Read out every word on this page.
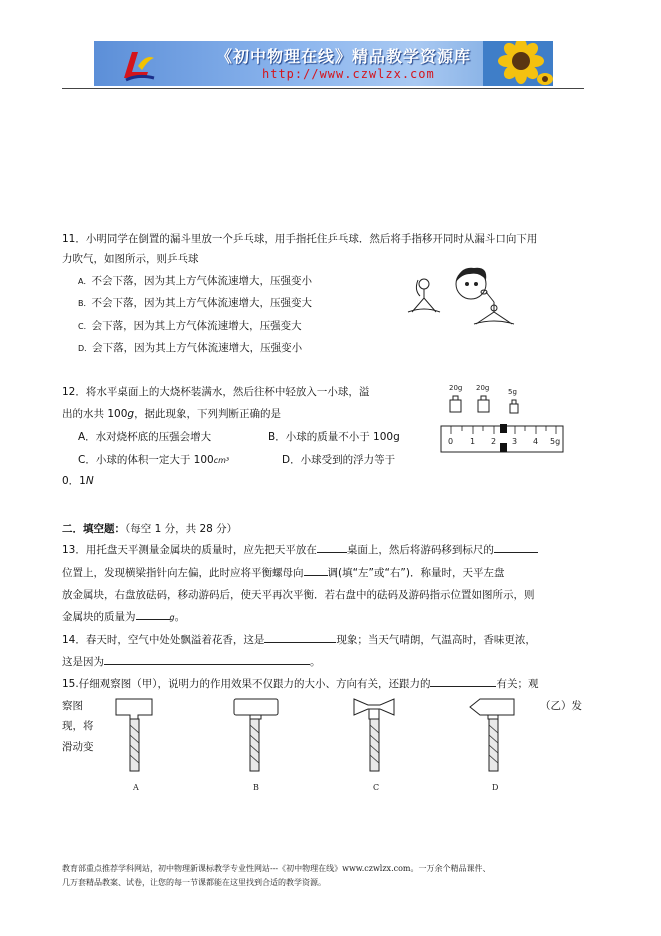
《初中物理在线》精品教学资源库
http://www.czwlzx.com
11．小明同学在倒置的漏斗里放一个乒乓球，用手指托住乒乓球．然后将手指移开同时从漏斗口向下用
力吹气，如图所示，则乒乓球
A．不会下落，因为其上方气体流速增大，压强变小
B．不会下落，因为其上方气体流速增大，压强变大
C．会下落，因为其上方气体流速增大，压强变大
D．会下落，因为其上方气体流速增大，压强变小
12．将水平桌面上的大烧杯装满水，然后往杯中轻放入一小球，溢
出的水共 100g，据此现象，下列判断正确的是
A．水对烧杯底的压强会增大	B．小球的质量不小于 100g
C．小球的体积一定大于 100cm³	D．小球受到的浮力等于
0．1N
20g 20g	5g
0 1 2 3 4 5g
二．填空题：（每空 1 分，共 28 分）
13．用托盘天平测量金属块的质量时，应先把天平放在	桌面上，然后将游码移到标尺的
位置上，发现横梁指针向左偏，此时应将平衡螺母向 调(填“左”或“右”)．称量时，天平左盘
放金属块，右盘放砝码，移动游码后，使天平再次平衡．若右盘中的砝码及游码指示位置如图所示，则
金属块的质量为	g。
14．春天时，空气中处处飘溢着花香，这是	现象；当天气晴朗，气温高时，香味更浓，
这是因为	。
15.仔细观察图（甲），说明力的作用效果不仅跟力的大小、方向有关，还跟力的	有关；观
察图	（乙）发
现，将
滑动变
A	B	C	D
教育部重点推荐学科网站，初中物理新课标教学专业性网站---《初中物理在线》www.czwlzx.com。一万余个精品课件、
几万套精品教案、试卷，让您的每一节课都能在这里找到合适的教学资源。
